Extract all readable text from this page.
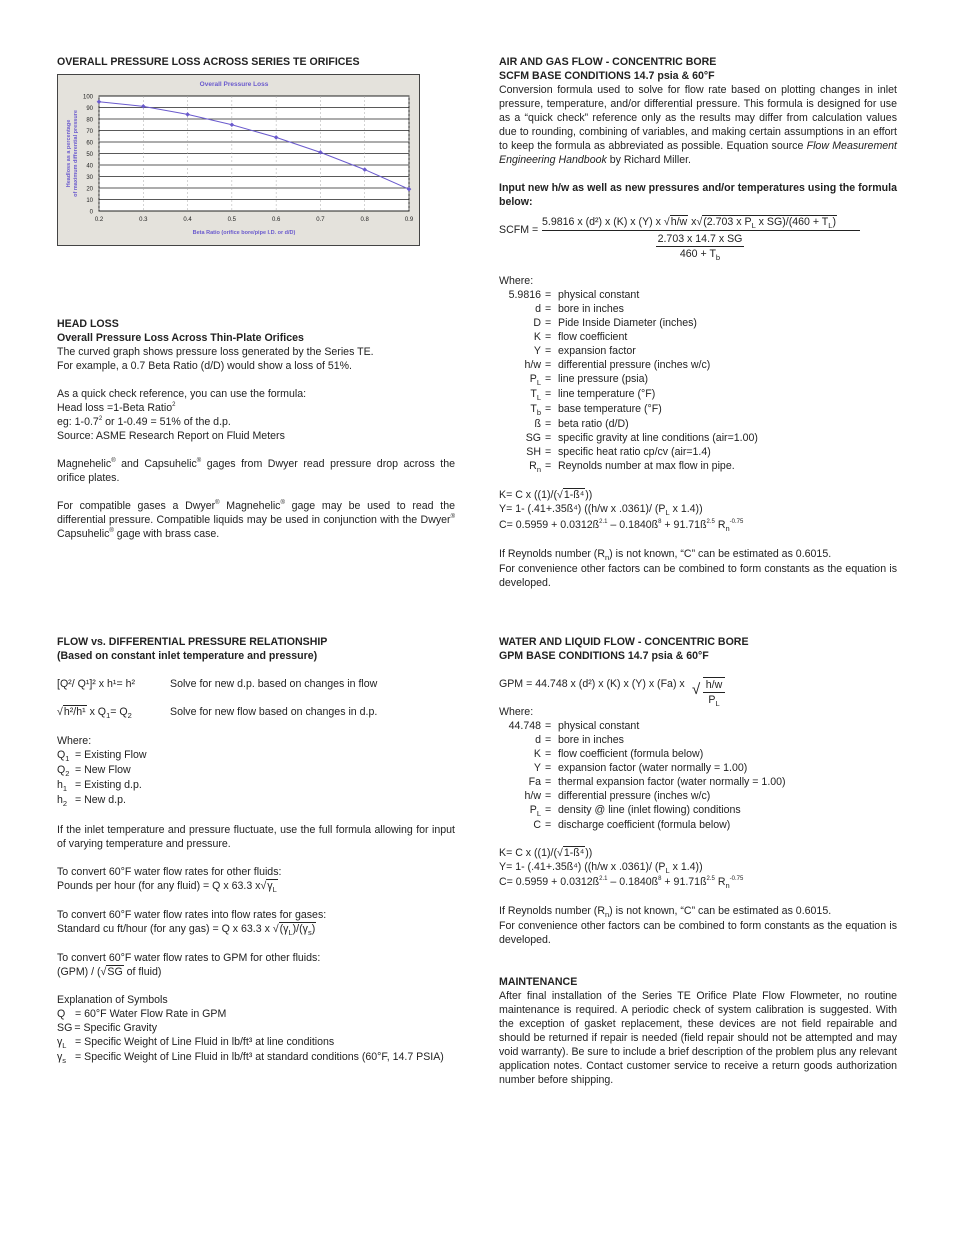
OVERALL PRESSURE LOSS ACROSS SERIES TE ORIFICES
0
10
20
30
40
50
60
70
80
90
100
0.2	0.3	0.4	0.5	0.6	0.7	0.8	0.9
Overall Pressure Loss
Beta Ratio (orifice bore/pipe I.D. or d/D)
Headloss as a percentageof maximum differential pressure
HEAD LOSS
Overall Pressure Loss Across Thin-Plate Orifices
The curved graph shows pressure loss generated by the Series TE.
For example, a 0.7 Beta Ratio (d/D) would show a loss of 51%.
As a quick check reference, you can use the formula:
Head loss =1-Beta Ratio$^2$
eg: $1-0.7^2$ or 1-0.49 = 51% of the d.p.
Source: ASME Research Report on Fluid Meters
Magnehelic® and Capsuhelic® gages from Dwyer read pressure drop across the orifice plates.
For compatible gases a Dwyer® Magnehelic® gage may be used to read the differential pressure. Compatible liquids may be used in conjunction with the Dwyer® Capsuhelic® gage with brass case.
FLOW vs. DIFFERENTIAL PRESSURE RELATIONSHIP
(Based on constant inlet temperature and pressure)
[Q²/ Q¹]² x h¹= h²	Solve for new d.p. based on changes in flow
√h²/h¹ x $Q_1= Q_2$	Solve for new flow based on changes in d.p.
Where:
$Q_1$ = Existing Flow
$Q_2$ = New Flow
$h_1$ = Existing d.p.
$h_2$ = New d.p.
If the inlet temperature and pressure fluctuate, use the full formula allowing for input of varying temperature and pressure.
To convert 60°F water flow rates for other fluids:
Pounds per hour (for any fluid) = Q x 63.3 $x√\gamma_L$
To convert 60°F water flow rates into flow rates for gases:
Standard cu ft/hour (for any gas) = Q x 63.3 x $√(\gamma_L)/(\gamma_s)$
To convert 60°F water flow rates to GPM for other fluids:
(GPM) / (√SG of fluid)
Explanation of Symbols
Q = 60°F Water Flow Rate in GPM
SG = Specific Gravity
$\gamma_L$ = Specific Weight of Line Fluid in lb/ft³ at line conditions
$\gamma_s$ = Specific Weight of Line Fluid in lb/ft³ at standard conditions (60°F, 14.7 PSIA)
AIR AND GAS FLOW - CONCENTRIC BORE
SCFM BASE CONDITIONS 14.7 psia & 60°F
Conversion formula used to solve for flow rate based on plotting changes in inlet pressure, temperature, and/or differential pressure. This formula is designed for use as a “quick check” reference only as the results may differ from calculation values due to rounding, combining of variables, and making certain assumptions in an effort to keep the formula as abbreviated as possible. Equation source Flow Measurement Engineering Handbook by Richard Miller.
Input new h/w as well as new pressures and/or temperatures using the formula below:
SCFM =
5.9816 x (d²) x (K) x (Y) x √h/w x√(2.703 x $P_L$ x $SG)/(460 + T_L)$
2.703 x 14.7 x SG
$460 + T_b$
Where:
5.9816 = physical constant
d = bore in inches
D = Pide Inside Diameter (inches)
K = flow coefficient
Y = expansion factor
h/w = differential pressure (inches w/c)
$P_L$ = line pressure (psia)
$T_L$ = line temperature (°F)
$T_b$ = base temperature (°F)
ß = beta ratio (d/D)
SG = specific gravity at line conditions (air=1.00)
SH = specific heat ratio cp/cv (air=1.4)
$R_n$ = Reynolds number at max flow in pipe.
K= C x ((1)/(√1-ß⁴))
Y= 1- (.41+.35ß⁴) ((h/w x .0361)/ ($P_L$ x 1.4))
$C= 0.5959 + 0.0312ß^{2.1}$ – $0.1840ß^8$ + $91.71ß^{2.5}$ $R_n^{-0.75}$
If Reynolds number $(R_n)$ is not known, “C” can be estimated as 0.6015.
For convenience other factors can be combined to form constants as the equation is developed.
WATER AND LIQUID FLOW - CONCENTRIC BORE
GPM BASE CONDITIONS 14.7 psia & 60°F
GPM = 44.748 x (d²) x (K) x (Y) x (Fa) x √ h/w
$P_L$
Where:
44.748 = physical constant
d = bore in inches
K = flow coefficient (formula below)
Y = expansion factor (water normally = 1.00)
Fa = thermal expansion factor (water normally = 1.00)
h/w = differential pressure (inches w/c)
$P_L$ = density @ line (inlet flowing) conditions
C = discharge coefficient (formula below)
K= C x ((1)/(√1-ß⁴))
Y= 1- (.41+.35ß⁴) ((h/w x .0361)/ ($P_L$ x 1.4))
$C= 0.5959 + 0.0312ß^{2.1}$ – $0.1840ß^8$ + $91.71ß^{2.5}$ $R_n^{-0.75}$
If Reynolds number $(R_n)$ is not known, “C” can be estimated as 0.6015.
For convenience other factors can be combined to form constants as the equation is developed.
MAINTENANCE
After final installation of the Series TE Orifice Plate Flow Flowmeter, no routine maintenance is required. A periodic check of system calibration is suggested. With the exception of gasket replacement, these devices are not field repairable and should be returned if repair is needed (field repair should not be attempted and may void warranty). Be sure to include a brief description of the problem plus any relevant application notes. Contact customer service to receive a return goods authorization number before shipping.
